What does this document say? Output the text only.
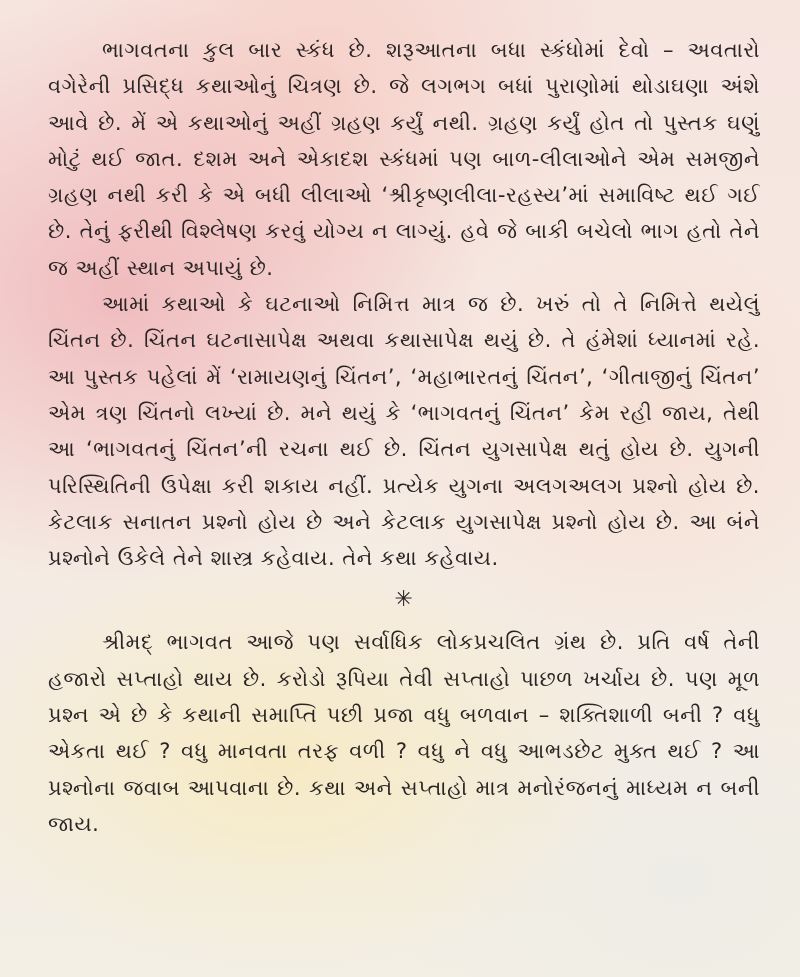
ભાગવતના કુલ બાર સ્કંધ છે. શરૂઆતના બધા સ્કંધોમાં દેવો – અવતારો વગેરેની પ્રસિદ્ધ કથાઓનું ચિત્રણ છે. જે લગભગ બધાં પુરાણોમાં થોડાઘણા અંશે આવે છે. મેં એ કથાઓનું અહીં ગ્રહણ કર્યું નથી. ગ્રહણ કર્યું હોત તો પુસ્તક ઘણું મોટું થઈ જાત. દશમ અને એકાદશ સ્કંધમાં પણ બાળ-લીલાઓને એમ સમજીને ગ્રહણ નથી કરી કે એ બધી લીલાઓ ‘શ્રીકૃષ્ણલીલા-રહસ્ય’માં સમાવિષ્ટ થઈ ગઈ છે. તેનું ફરીથી વિશ્લેષણ કરવું યોગ્ય ન લાગ્યું. હવે જે બાકી બચેલો ભાગ હતો તેને જ અહીં સ્થાન અપાયું છે.

આમાં કથાઓ કે ઘટનાઓ નિમિત્ત માત્ર જ છે. ખરું તો તે નિમિત્તે થયેલું ચિંતન છે. ચિંતન ઘટનાસાપેક્ષ અથવા કથાસાપેક્ષ થયું છે. તે હંમેશાં ધ્યાનમાં રહે. આ પુસ્તક પહેલાં મેં ‘રામાયણનું ચિંતન’, ‘મહાભારતનું ચિંતન’, ‘ગીતાજીનું ચિંતન’ એમ ત્રણ ચિંતનો લખ્યાં છે. મને થયું કે ‘ભાગવતનું ચિંતન’ કેમ રહી જાય, તેથી આ ‘ભાગવતનું ચિંતન’ની રચના થઈ છે. ચિંતન યુગસાપેક્ષ થતું હોય છે. યુગની પરિસ્થિતિની ઉપેક્ષા કરી શકાય નહીં. પ્રત્યેક યુગના અલગઅલગ પ્રશ્નો હોય છે. કેટલાક સનાતન પ્રશ્નો હોય છે અને કેટલાક યુગસાપેક્ષ પ્રશ્નો હોય છે. આ બંને પ્રશ્નોને ઉકેલે તેને શાસ્ત્ર કહેવાય. તેને કથા કહેવાય.

✳

શ્રીમદ્ ભાગવત આજે પણ સર્વાધિક લોકપ્રચલિત ગ્રંથ છે. પ્રતિ વર્ષ તેની હજારો સપ્તાહો થાય છે. કરોડો રૂપિયા તેવી સપ્તાહો પાછળ ખર્ચાય છે. પણ મૂળ પ્રશ્ન એ છે કે કથાની સમાપ્તિ પછી પ્રજા વધુ બળવાન – શક્તિશાળી બની ? વધુ એકતા થઈ ? વધુ માનવતા તરફ વળી ? વધુ ને વધુ આભડછેટ મુક્ત થઈ ? આ પ્રશ્નોના જવાબ આપવાના છે. કથા અને સપ્તાહો માત્ર મનોરંજનનું માધ્યમ ન બની જાય.
